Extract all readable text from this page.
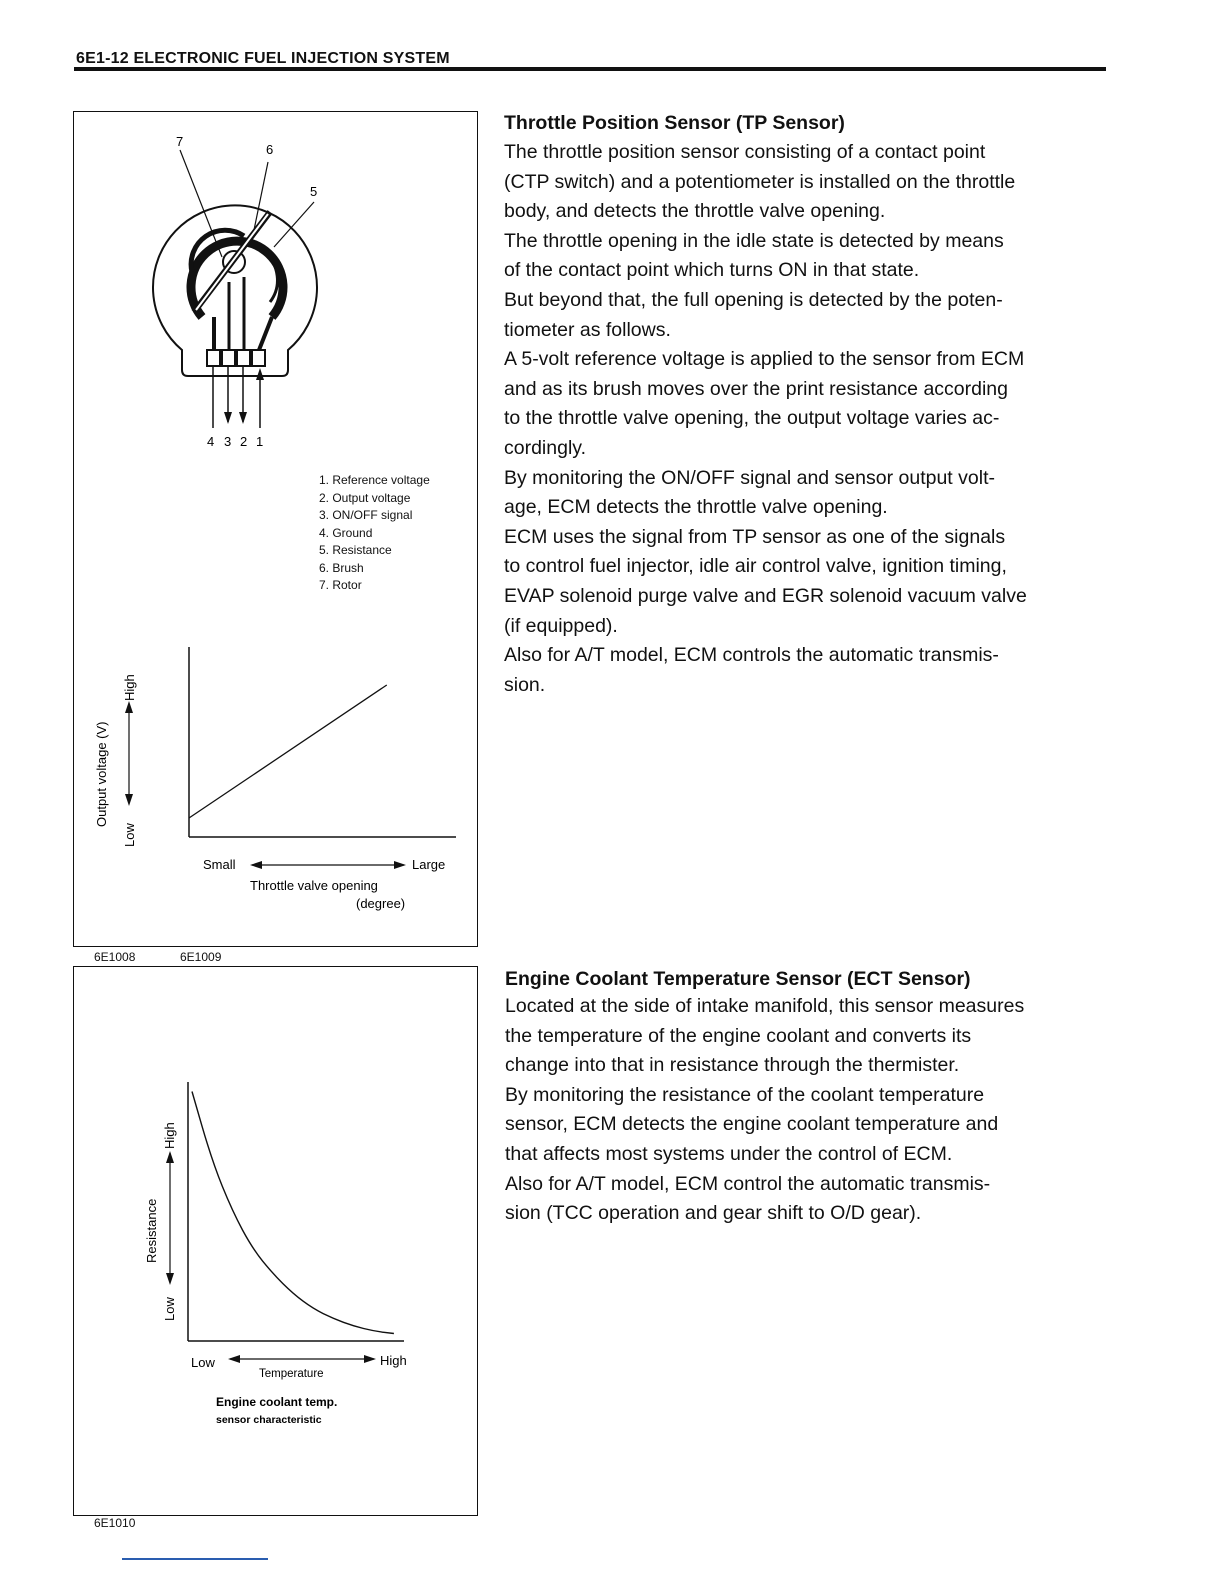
6E1-12 ELECTRONIC FUEL INJECTION SYSTEM
7
6
5
4 3 2 1
1. Reference voltage
2. Output voltage
3. ON/OFF signal
4. Ground
5. Resistance
6. Brush
7. Rotor
Output voltage (V)
Low
High
Small	Large
Throttle valve opening
(degree)
6E1008	6E1009
Resistance
Low
High
Low	High
Temperature
Engine coolant temp.
sensor characteristic
6E1010
Throttle Position Sensor (TP Sensor)

The throttle position sensor consisting of a contact point

(CTP switch) and a potentiometer is installed on the throttle

body, and detects the throttle valve opening.

The throttle opening in the idle state is detected by means

of the contact point which turns ON in that state.

But beyond that, the full opening is detected by the poten-

tiometer as follows.

A 5-volt reference voltage is applied to the sensor from ECM

and as its brush moves over the print resistance according

to the throttle valve opening, the output voltage varies ac-

cordingly.

By monitoring the ON/OFF signal and sensor output volt-

age, ECM detects the throttle valve opening.

ECM uses the signal from TP sensor as one of the signals

to control fuel injector, idle air control valve, ignition timing,

EVAP solenoid purge valve and EGR solenoid vacuum valve

(if equipped).

Also for A/T model, ECM controls the automatic transmis-

sion.

Engine Coolant Temperature Sensor (ECT Sensor)

Located at the side of intake manifold, this sensor measures

the temperature of the engine coolant and converts its

change into that in resistance through the thermister.

By monitoring the resistance of the coolant temperature

sensor, ECM detects the engine coolant temperature and

that affects most systems under the control of ECM.

Also for A/T model, ECM control the automatic transmis-

sion (TCC operation and gear shift to O/D gear).
